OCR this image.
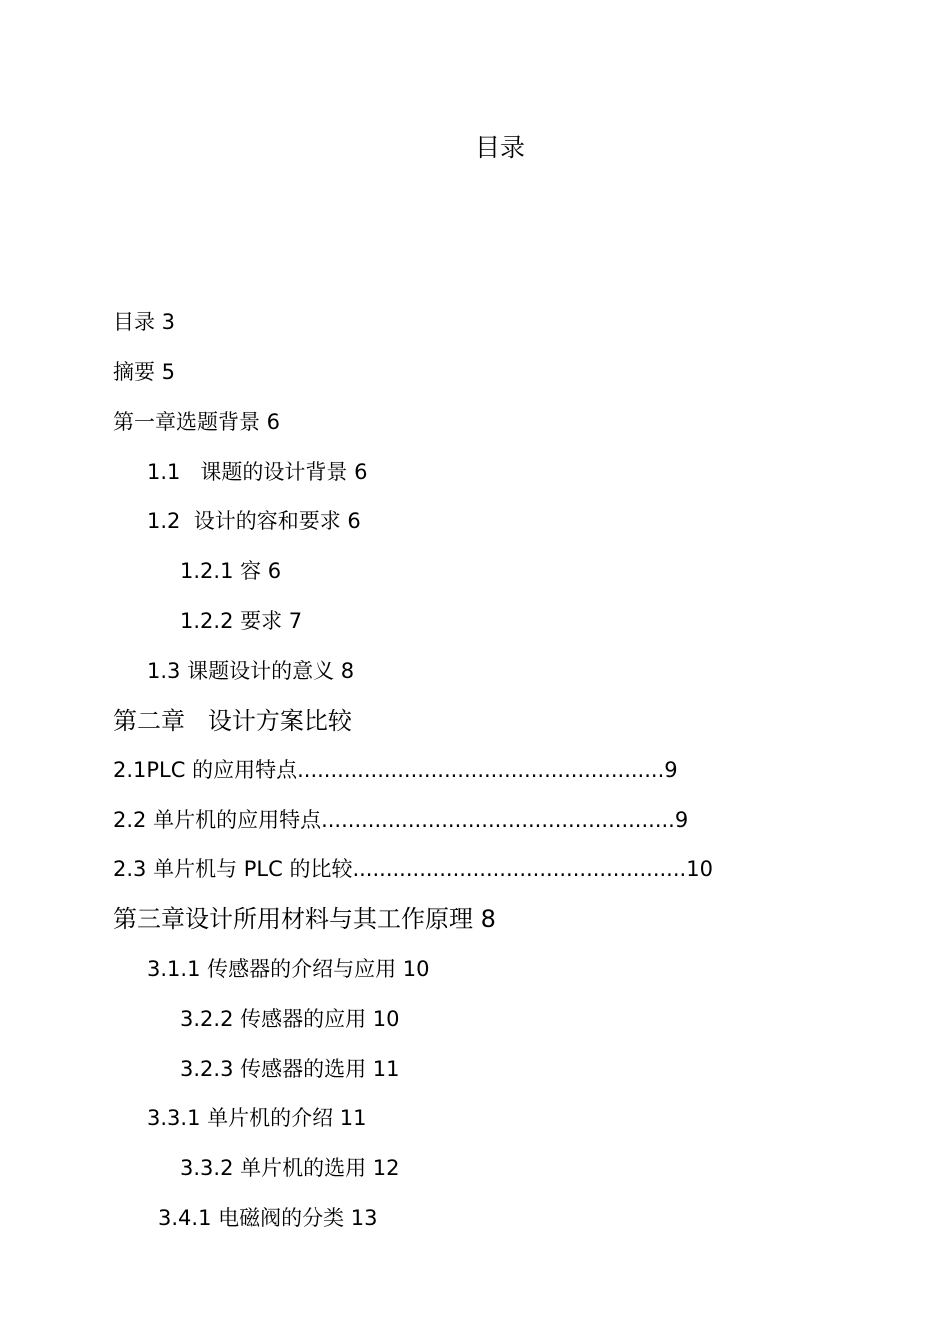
目录
目录 3
摘要 5
第一章选题背景 6
1.1   课题的设计背景 6
1.2  设计的容和要求 6
1.2.1 容 6
1.2.2 要求 7
1.3 课题设计的意义 8
第二章   设计方案比较
2.1PLC 的应用特点.......................................................9
2.2 单片机的应用特点.....................................................9
2.3 单片机与 PLC 的比较..................................................10
第三章设计所用材料与其工作原理 8
3.1.1 传感器的介绍与应用 10
3.2.2 传感器的应用 10
3.2.3 传感器的选用 11
3.3.1 单片机的介绍 11
3.3.2 单片机的选用 12
3.4.1 电磁阀的分类 13
